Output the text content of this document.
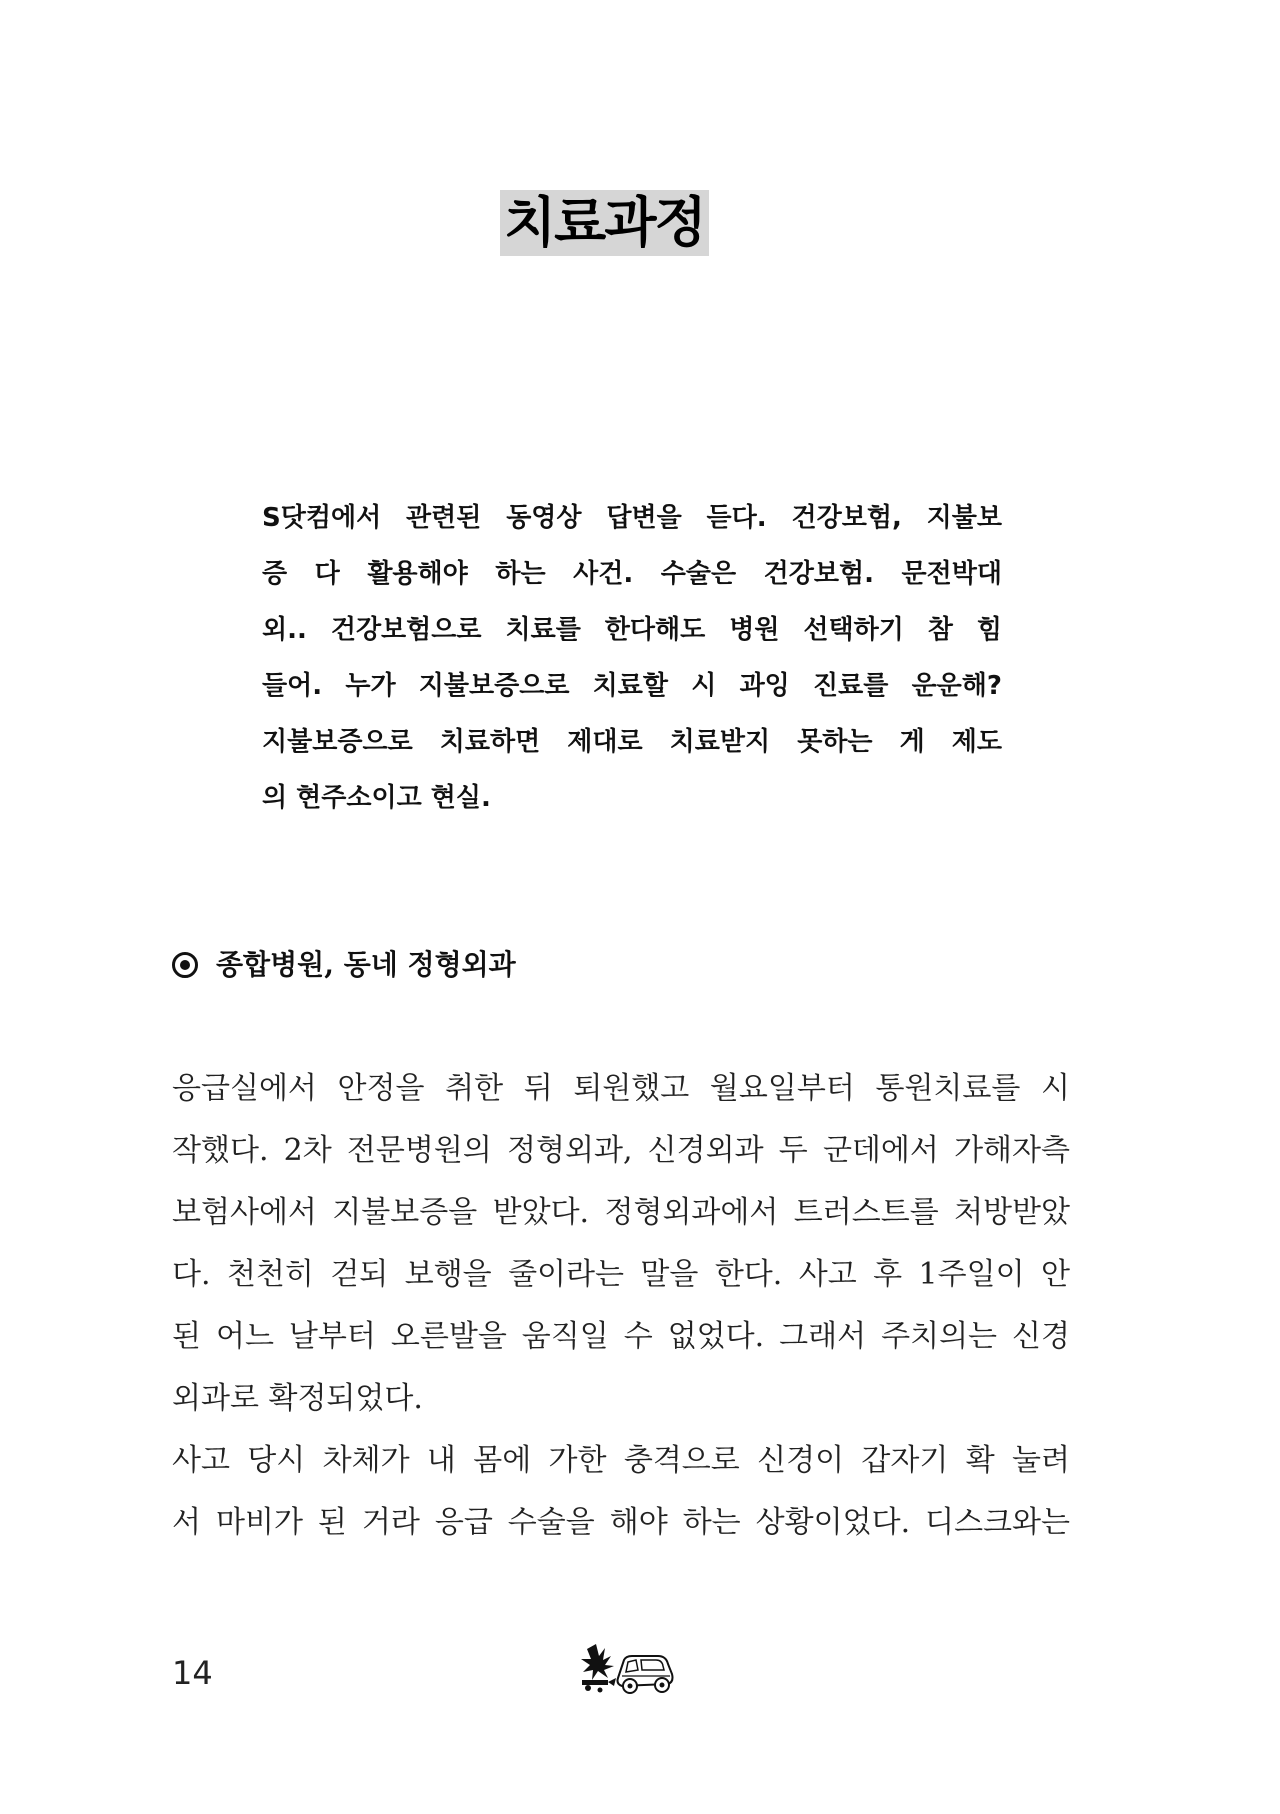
치료과정
S닷컴에서 관련된 동영상 답변을 듣다. 건강보험, 지불보
증 다 활용해야 하는 사건. 수술은 건강보험. 문전박대
외.. 건강보험으로 치료를 한다해도 병원 선택하기 참 힘
들어. 누가 지불보증으로 치료할 시 과잉 진료를 운운해?
지불보증으로 치료하면 제대로 치료받지 못하는 게 제도
의 현주소이고 현실.
종합병원, 동네 정형외과
응급실에서 안정을 취한 뒤 퇴원했고 월요일부터 통원치료를 시
작했다. 2차 전문병원의 정형외과, 신경외과 두 군데에서 가해자측
보험사에서 지불보증을 받았다. 정형외과에서 트러스트를 처방받았
다. 천천히 걷되 보행을 줄이라는 말을 한다. 사고 후 1주일이 안
된 어느 날부터 오른발을 움직일 수 없었다. 그래서 주치의는 신경
외과로 확정되었다.
사고 당시 차체가 내 몸에 가한 충격으로 신경이 갑자기 확 눌려
서 마비가 된 거라 응급 수술을 해야 하는 상황이었다. 디스크와는
14
